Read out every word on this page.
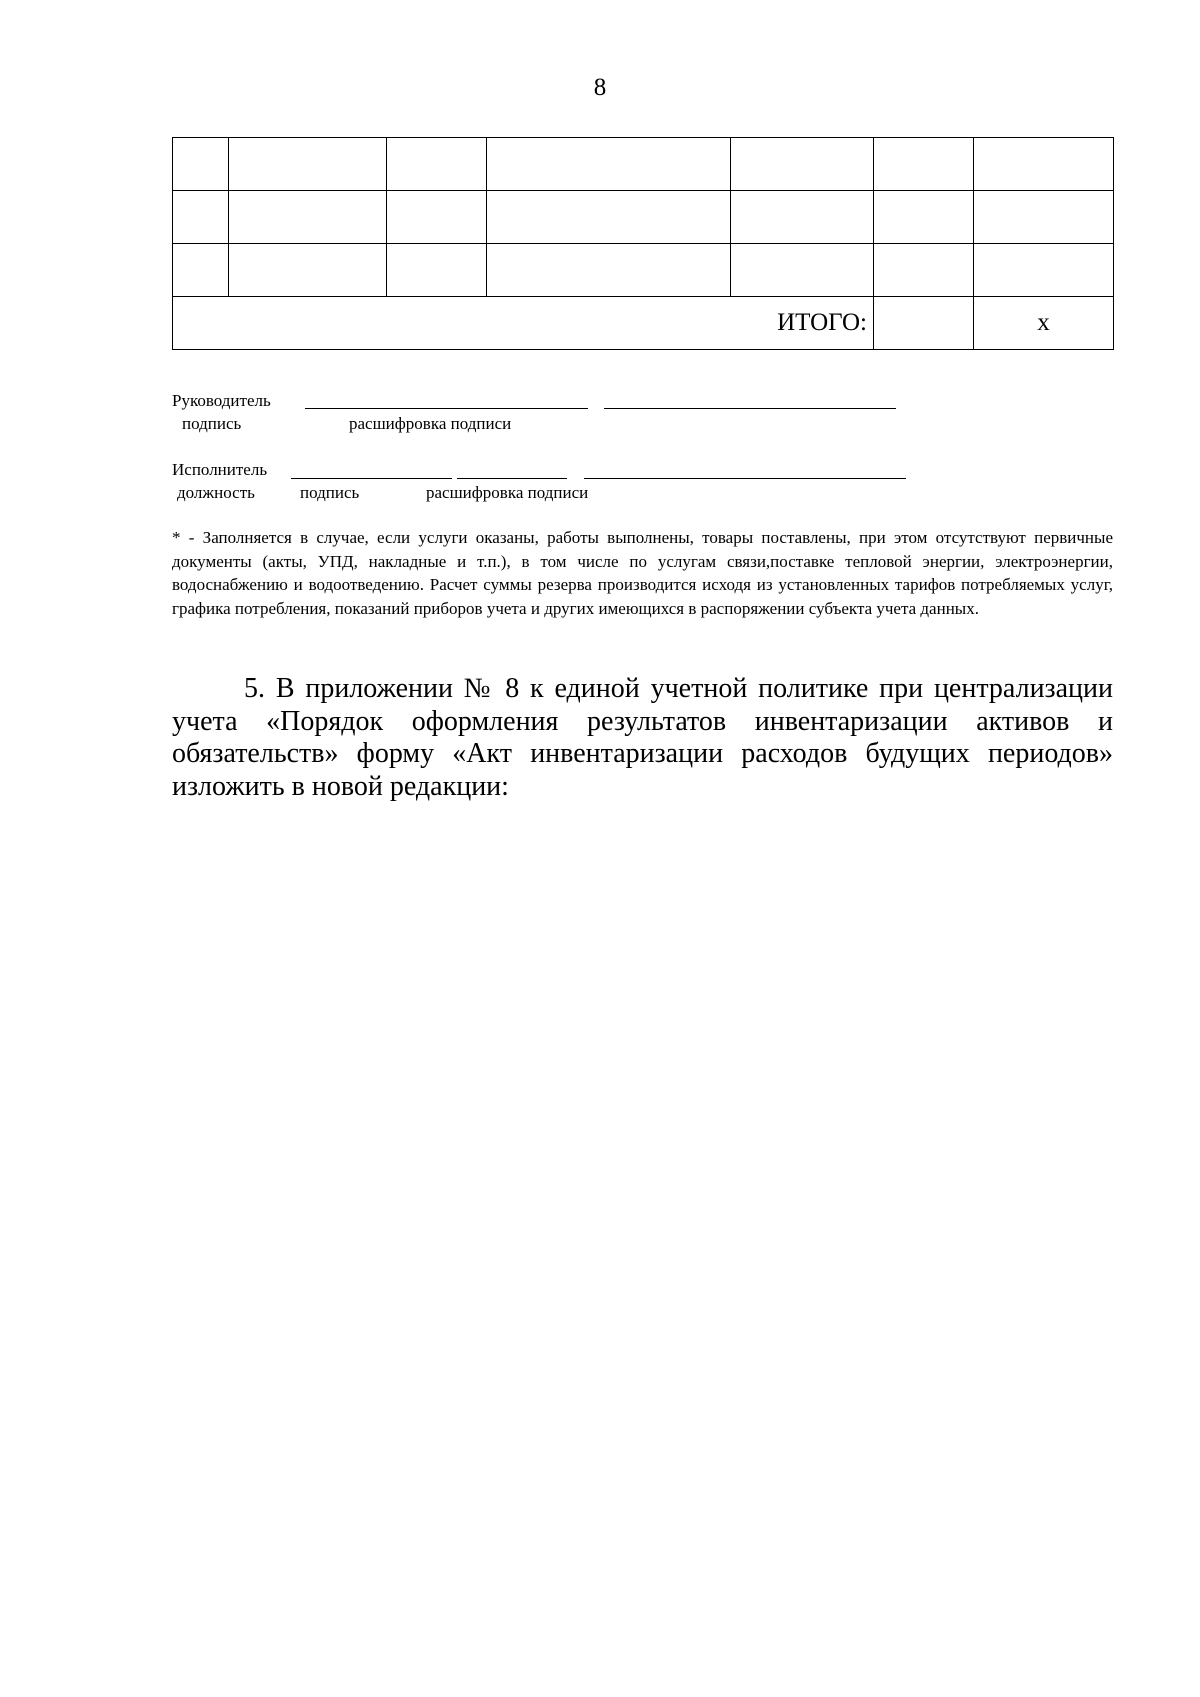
8

ИТОГО:						х
Руководитель
подпись	расшифровка подписи
Исполнитель
должность	подпись	расшифровка подписи
* - Заполняется в случае, если услуги оказаны, работы выполнены, товары поставлены, при этом отсутствуют первичные документы (акты, УПД, накладные и т.п.), в том числе по услугам связи,поставке тепловой энергии, электроэнергии, водоснабжению и водоотведению. Расчет суммы резерва производится исходя из установленных тарифов потребляемых услуг, графика потребления, показаний приборов учета и других имеющихся в распоряжении субъекта учета данных.
5. В приложении № 8 к единой учетной политике при централизации учета «Порядок оформления результатов инвентаризации активов и обязательств» форму «Акт инвентаризации расходов будущих периодов» изложить в новой редакции:
